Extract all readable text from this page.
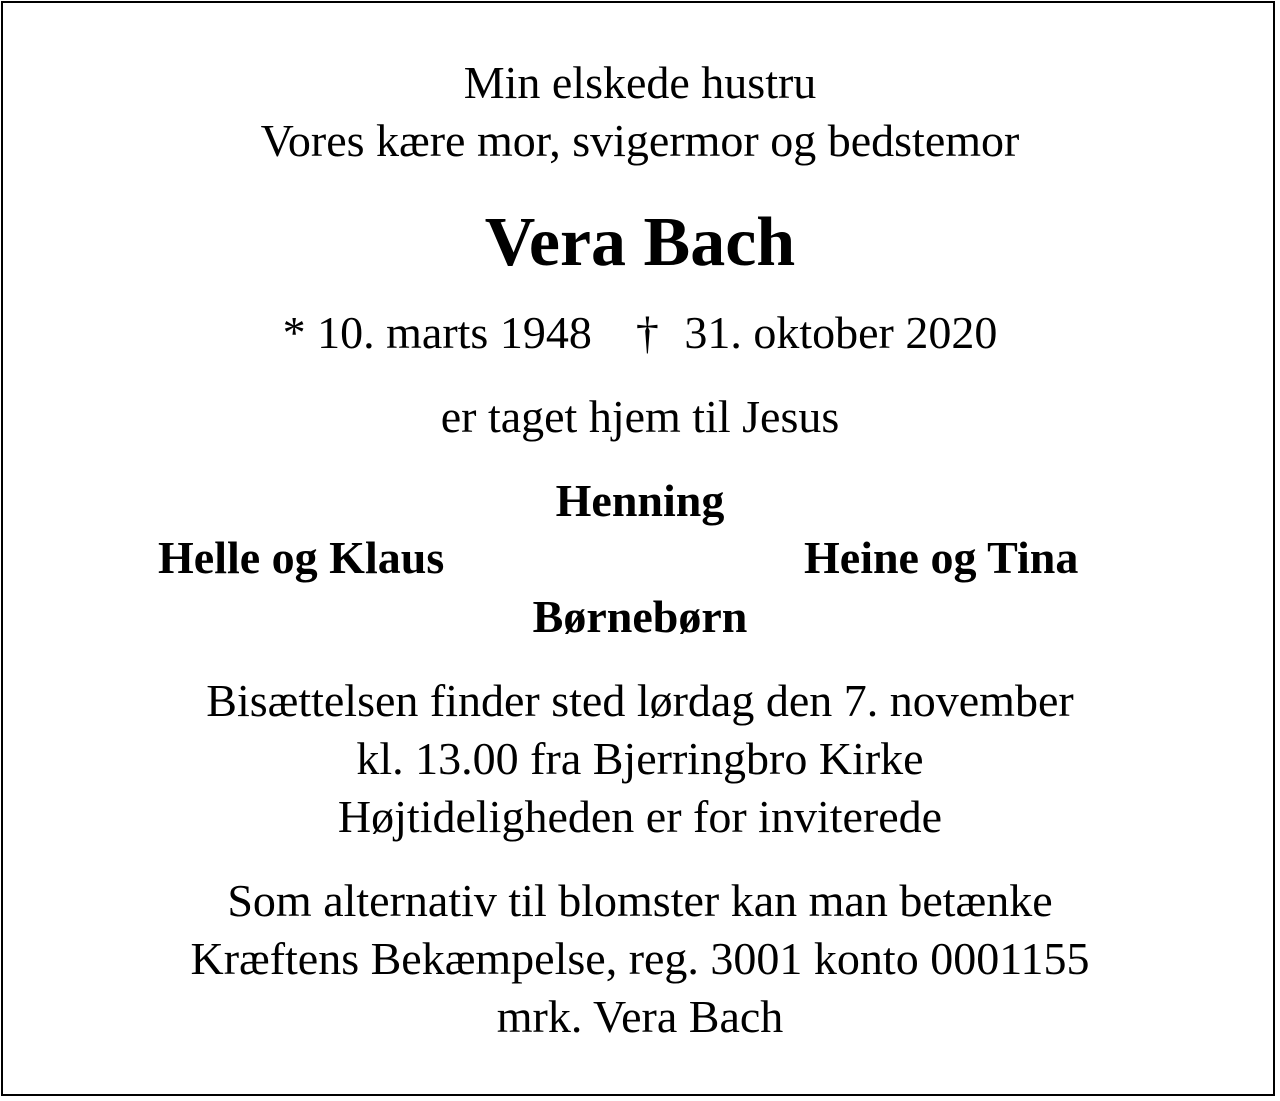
Min elskede hustru
Vores kære mor, svigermor og bedstemor
Vera Bach
* 10. marts 1948 † 31. oktober 2020
er taget hjem til Jesus
Henning
Helle og Klaus	Heine og Tina
Børnebørn
Bisættelsen finder sted lørdag den 7. november
kl. 13.00 fra Bjerringbro Kirke
Højtideligheden er for inviterede
Som alternativ til blomster kan man betænke
Kræftens Bekæmpelse, reg. 3001 konto 0001155
mrk. Vera Bach
